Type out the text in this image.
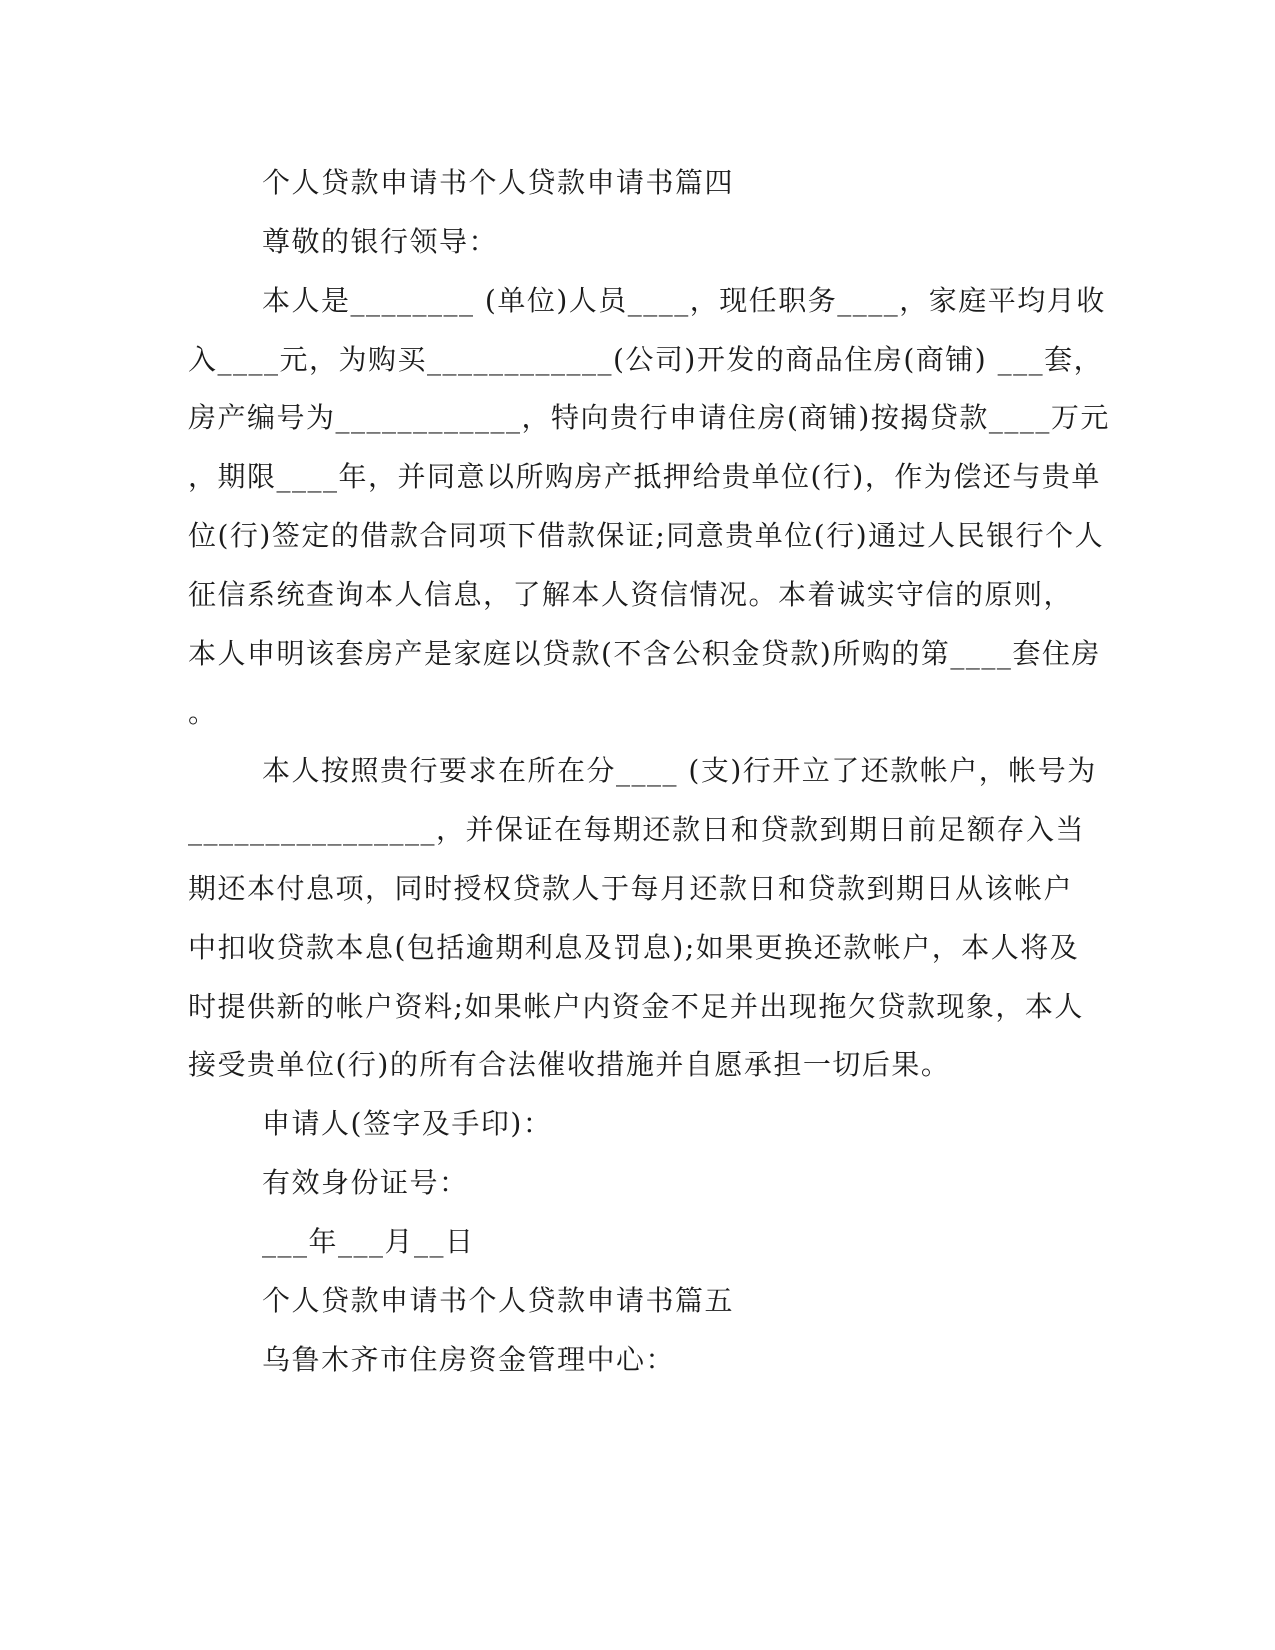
个人贷款申请书个人贷款申请书篇四
尊敬的银行领导：
本人是________ (单位)人员____，现任职务____，家庭平均月收
入____元，为购买____________(公司)开发的商品住房(商铺) ___套，
房产编号为____________，特向贵行申请住房(商铺)按揭贷款____万元
，期限____年，并同意以所购房产抵押给贵单位(行)，作为偿还与贵单
位(行)签定的借款合同项下借款保证;同意贵单位(行)通过人民银行个人
征信系统查询本人信息，了解本人资信情况。本着诚实守信的原则，
本人申明该套房产是家庭以贷款(不含公积金贷款)所购的第____套住房
。
本人按照贵行要求在所在分____ (支)行开立了还款帐户，帐号为
________________，并保证在每期还款日和贷款到期日前足额存入当
期还本付息项，同时授权贷款人于每月还款日和贷款到期日从该帐户
中扣收贷款本息(包括逾期利息及罚息);如果更换还款帐户，本人将及
时提供新的帐户资料;如果帐户内资金不足并出现拖欠贷款现象，本人
接受贵单位(行)的所有合法催收措施并自愿承担一切后果。
申请人(签字及手印)：
有效身份证号：
___年___月__日
个人贷款申请书个人贷款申请书篇五
乌鲁木齐市住房资金管理中心：
